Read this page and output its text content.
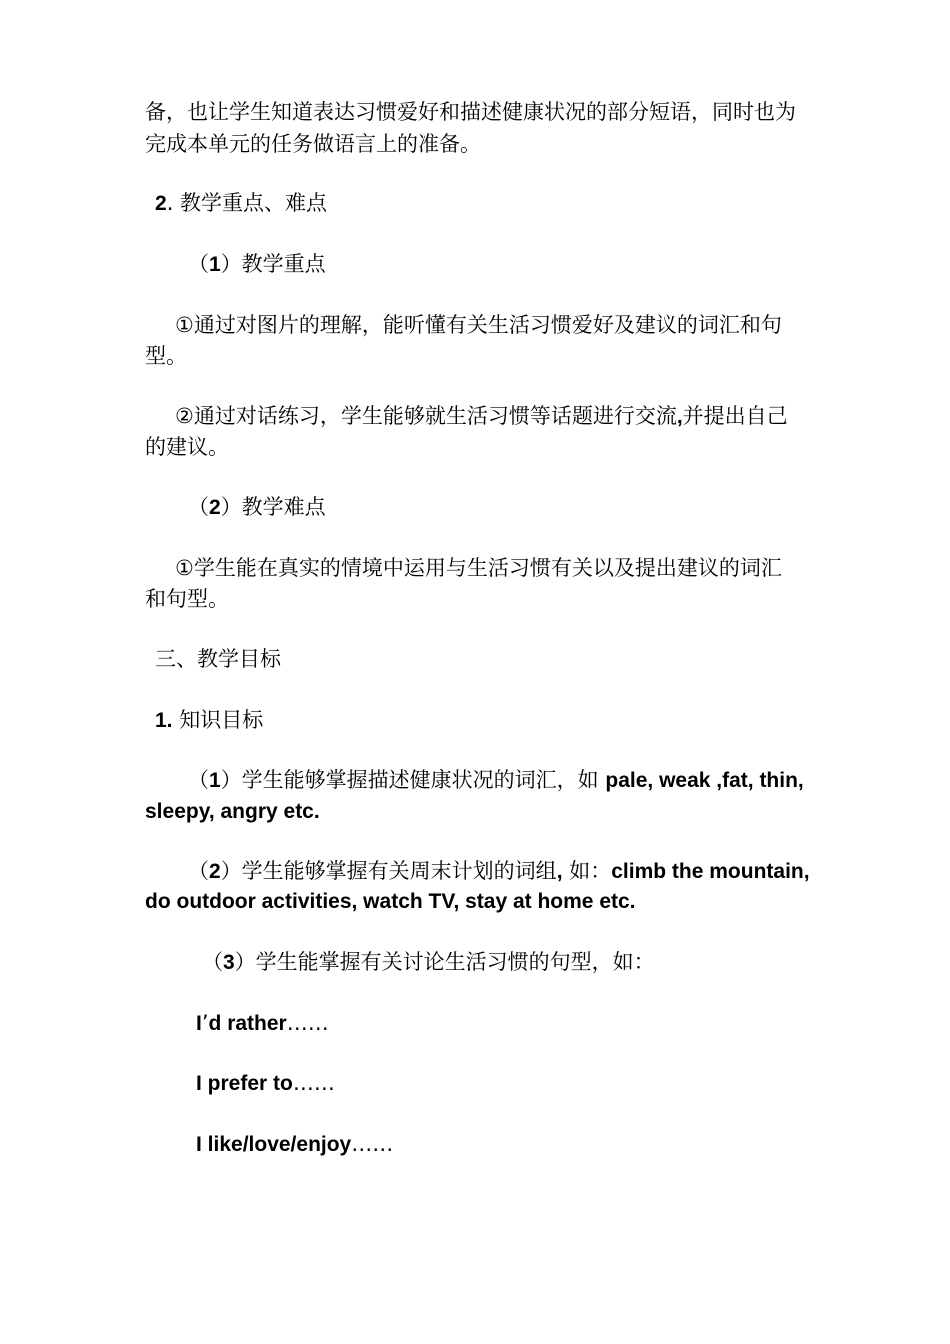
备，也让学生知道表达习惯爱好和描述健康状况的部分短语，同时也为

完成本单元的任务做语言上的准备。

2. 教学重点、难点

（1）教学重点

①通过对图片的理解，能听懂有关生活习惯爱好及建议的词汇和句

型。

②通过对话练习，学生能够就生活习惯等话题进行交流,并提出自己

的建议。

（2）教学难点

①学生能在真实的情境中运用与生活习惯有关以及提出建议的词汇

和句型。

三、教学目标

1. 知识目标

（1）学生能够掌握描述健康状况的词汇，如 pale, weak ,fat, thin,

sleepy, angry etc.

（2）学生能够掌握有关周末计划的词组, 如：climb the mountain,

do outdoor activities, watch TV, stay at home etc.

（3）学生能掌握有关讨论生活习惯的句型，如：

I’d rather……

I prefer to……

I like/love/enjoy……
